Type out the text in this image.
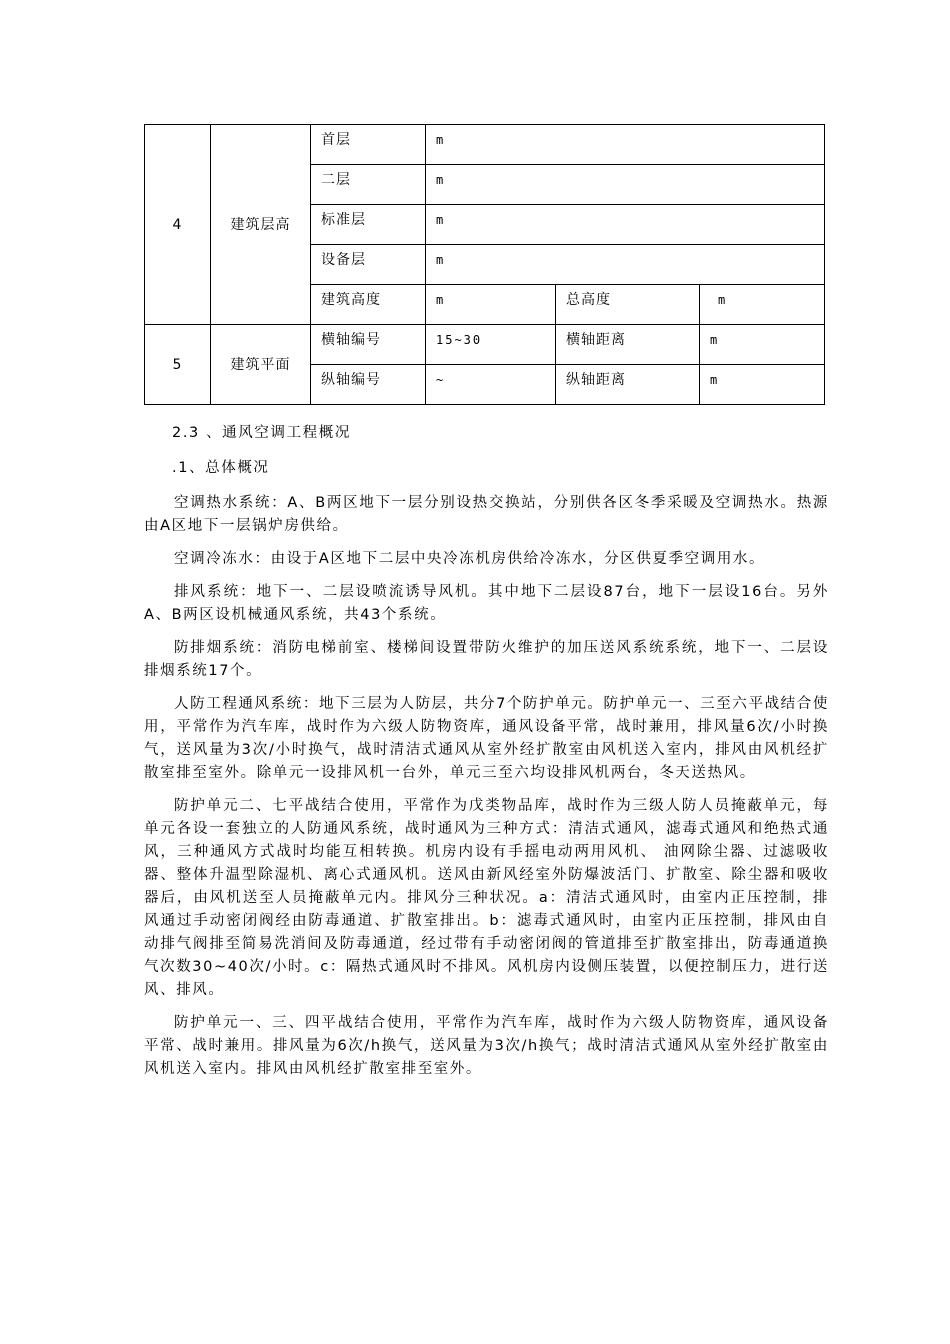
4	建筑层高	首层	m		
		二层	m		
		标准层	m		
		设备层	m		
		建筑高度	m	总高度	m
5	建筑平面	横轴编号	15~30	横轴距离	m
		纵轴编号	~	纵轴距离	m
2.3 、通风空调工程概况
.1、总体概况

空调热水系统：A、B两区地下一层分别设热交换站，分别供各区冬季采暖及空调热水。热源由A区地下一层锅炉房供给。

空调冷冻水：由设于A区地下二层中央冷冻机房供给冷冻水，分区供夏季空调用水。

排风系统：地下一、二层设喷流诱导风机。其中地下二层设87台，地下一层设16台。另外A、B两区设机械通风系统，共43个系统。

防排烟系统：消防电梯前室、楼梯间设置带防火维护的加压送风系统系统，地下一、二层设排烟系统17个。

人防工程通风系统：地下三层为人防层，共分7个防护单元。防护单元一、三至六平战结合使用，平常作为汽车库，战时作为六级人防物资库，通风设备平常，战时兼用，排风量6次/小时换气，送风量为3次/小时换气，战时清洁式通风从室外经扩散室由风机送入室内，排风由风机经扩散室排至室外。除单元一设排风机一台外，单元三至六均设排风机两台，冬天送热风。

防护单元二、七平战结合使用，平常作为戊类物品库，战时作为三级人防人员掩蔽单元，每单元各设一套独立的人防通风系统，战时通风为三种方式：清洁式通风，滤毒式通风和绝热式通风，三种通风方式战时均能互相转换。机房内设有手摇电动两用风机、 油网除尘器、过滤吸收器、整体升温型除湿机、离心式通风机。送风由新风经室外防爆波活门、扩散室、除尘器和吸收器后，由风机送至人员掩蔽单元内。排风分三种状况。a：清洁式通风时，由室内正压控制，排风通过手动密闭阀经由防毒通道、扩散室排出。b：滤毒式通风时，由室内正压控制，排风由自动排气阀排至简易洗消间及防毒通道，经过带有手动密闭阀的管道排至扩散室排出，防毒通道换气次数30~40次/小时。c：隔热式通风时不排风。风机房内设侧压装置，以便控制压力，进行送风、排风。

防护单元一、三、四平战结合使用，平常作为汽车库，战时作为六级人防物资库，通风设备平常、战时兼用。排风量为6次/h换气，送风量为3次/h换气；战时清洁式通风从室外经扩散室由风机送入室内。排风由风机经扩散室排至室外。
